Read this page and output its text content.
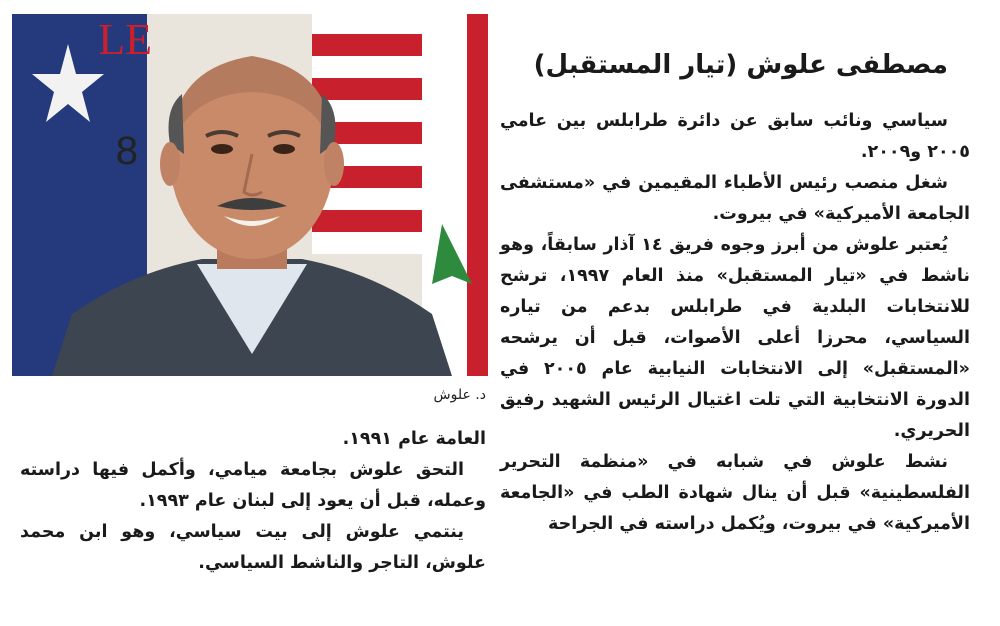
LE
8
د. علوش
مصطفى علوش (تيار المستقبل)

سياسي ونائب سابق عن دائرة طرابلس بين عامي ٢٠٠٥ و٢٠٠٩.

شغل منصب رئيس الأطباء المقيمين في «مستشفى الجامعة الأميركية» في بيروت.

يُعتبر علوش من أبرز وجوه فريق ١٤ آذار سابقاً، وهو ناشط في «تيار المستقبل» منذ العام ١٩٩٧، ترشح للانتخابات البلدية في طرابلس بدعم من تياره السياسي، محرزا أعلى الأصوات، قبل أن يرشحه «المستقبل» إلى الانتخابات النيابية عام ٢٠٠٥ في الدورة الانتخابية التي تلت اغتيال الرئيس الشهيد رفيق الحريري.

نشط علوش في شبابه في «منظمة التحرير الفلسطينية» قبل أن ينال شهادة الطب في «الجامعة الأميركية» في بيروت، ويُكمل دراسته في الجراحة

العامة عام ١٩٩١.

التحق علوش بجامعة ميامي، وأكمل فيها دراسته وعمله، قبل أن يعود إلى لبنان عام ١٩٩٣.

ينتمي علوش إلى بيت سياسي، وهو ابن محمد علوش، التاجر والناشط السياسي.
